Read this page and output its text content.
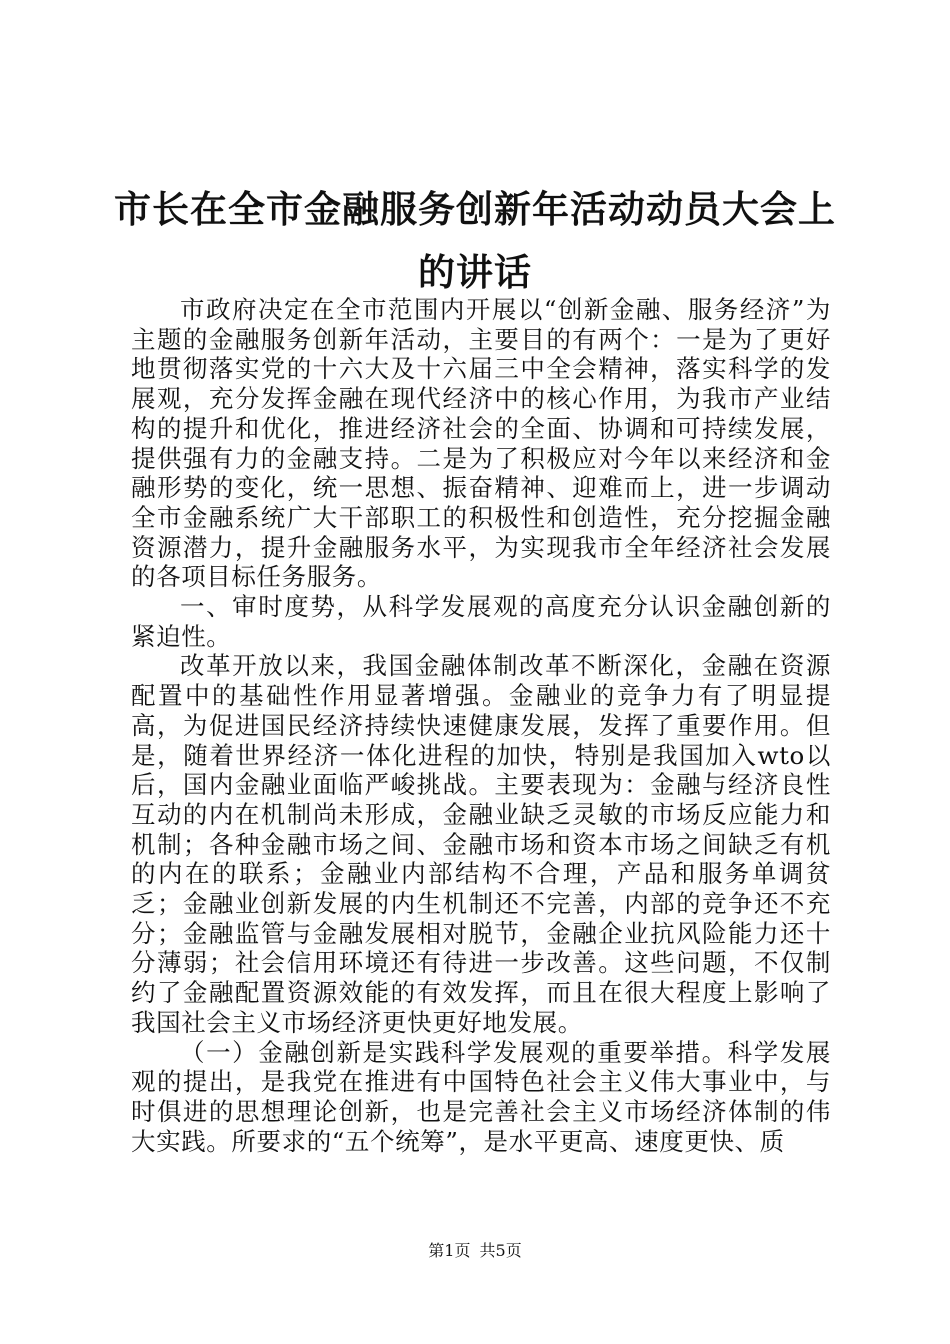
市长在全市金融服务创新年活动动员大会上的讲话

市政府决定在全市范围内开展以“创新金融、服务经济”为主题的金融服务创新年活动，主要目的有两个：一是为了更好地贯彻落实党的十六大及十六届三中全会精神，落实科学的发展观，充分发挥金融在现代经济中的核心作用，为我市产业结构的提升和优化，推进经济社会的全面、协调和可持续发展，提供强有力的金融支持。二是为了积极应对今年以来经济和金融形势的变化，统一思想、振奋精神、迎难而上，进一步调动全市金融系统广大干部职工的积极性和创造性，充分挖掘金融资源潜力，提升金融服务水平，为实现我市全年经济社会发展的各项目标任务服务。

一、审时度势，从科学发展观的高度充分认识金融创新的紧迫性。

改革开放以来，我国金融体制改革不断深化，金融在资源配置中的基础性作用显著增强。金融业的竞争力有了明显提高，为促进国民经济持续快速健康发展，发挥了重要作用。但是，随着世界经济一体化进程的加快，特别是我国加入wto以后，国内金融业面临严峻挑战。主要表现为：金融与经济良性互动的内在机制尚未形成，金融业缺乏灵敏的市场反应能力和机制；各种金融市场之间、金融市场和资本市场之间缺乏有机的内在的联系；金融业内部结构不合理，产品和服务单调贫乏；金融业创新发展的内生机制还不完善，内部的竞争还不充分；金融监管与金融发展相对脱节，金融企业抗风险能力还十分薄弱；社会信用环境还有待进一步改善。这些问题，不仅制约了金融配置资源效能的有效发挥，而且在很大程度上影响了我国社会主义市场经济更快更好地发展。

（一）金融创新是实践科学发展观的重要举措。科学发展观的提出，是我党在推进有中国特色社会主义伟大事业中，与时俱进的思想理论创新，也是完善社会主义市场经济体制的伟大实践。所要求的“五个统筹”，是水平更高、速度更快、质

第1页 共5页
